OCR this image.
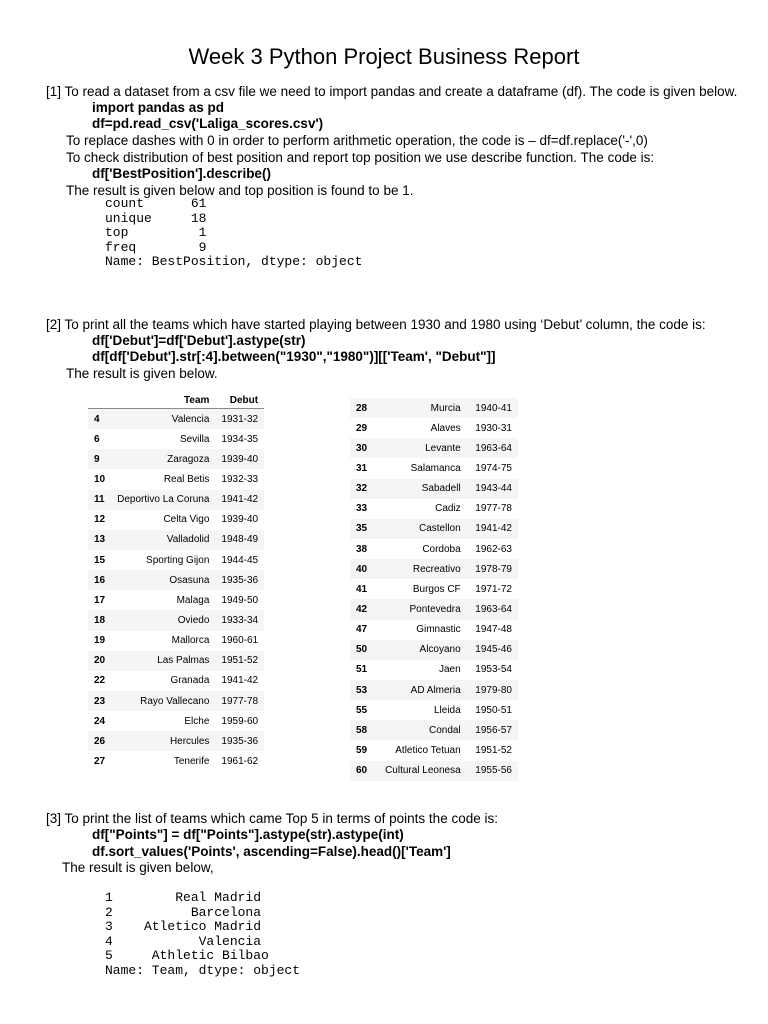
Week 3 Python Project Business Report
[1] To read a dataset from a csv file we need to import pandas and create a dataframe (df). The code is given below.
import pandas as pd
df=pd.read_csv('Laliga_scores.csv')
To replace dashes with 0 in order to perform arithmetic operation, the code is – df=df.replace('-',0)
To check distribution of best position and report top position we use describe function. The code is:
df['BestPosition'].describe()
The result is given below and top position is found to be 1.
count      61
unique     18
top         1
freq        9
Name: BestPosition, dtype: object
[2] To print all the teams which have started playing between 1930 and 1980 using ‘Debut’ column, the code is:
df['Debut']=df['Debut'].astype(str)
df[df['Debut'].str[:4].between("1930","1980")][['Team', "Debut"]]
The result is given below.
	Team	Debut
4	Valencia	1931-32
6	Sevilla	1934-35
9	Zaragoza	1939-40
10	Real Betis	1932-33
11	Deportivo La Coruna	1941-42
12	Celta Vigo	1939-40
13	Valladolid	1948-49
15	Sporting Gijon	1944-45
16	Osasuna	1935-36
17	Malaga	1949-50
18	Oviedo	1933-34
19	Mallorca	1960-61
20	Las Palmas	1951-52
22	Granada	1941-42
23	Rayo Vallecano	1977-78
24	Elche	1959-60
26	Hercules	1935-36
27	Tenerife	1961-62
28	Murcia	1940-41
29	Alaves	1930-31
30	Levante	1963-64
31	Salamanca	1974-75
32	Sabadell	1943-44
33	Cadiz	1977-78
35	Castellon	1941-42
38	Cordoba	1962-63
40	Recreativo	1978-79
41	Burgos CF	1971-72
42	Pontevedra	1963-64
47	Gimnastic	1947-48
50	Alcoyano	1945-46
51	Jaen	1953-54
53	AD Almeria	1979-80
55	Lleida	1950-51
58	Condal	1956-57
59	Atletico Tetuan	1951-52
60	Cultural Leonesa	1955-56
[3] To print the list of teams which came Top 5 in terms of points the code is:
df["Points"] = df["Points"].astype(str).astype(int)
df.sort_values('Points', ascending=False).head()['Team']
The result is given below,
1        Real Madrid
2          Barcelona
3    Atletico Madrid
4           Valencia
5     Athletic Bilbao
Name: Team, dtype: object
